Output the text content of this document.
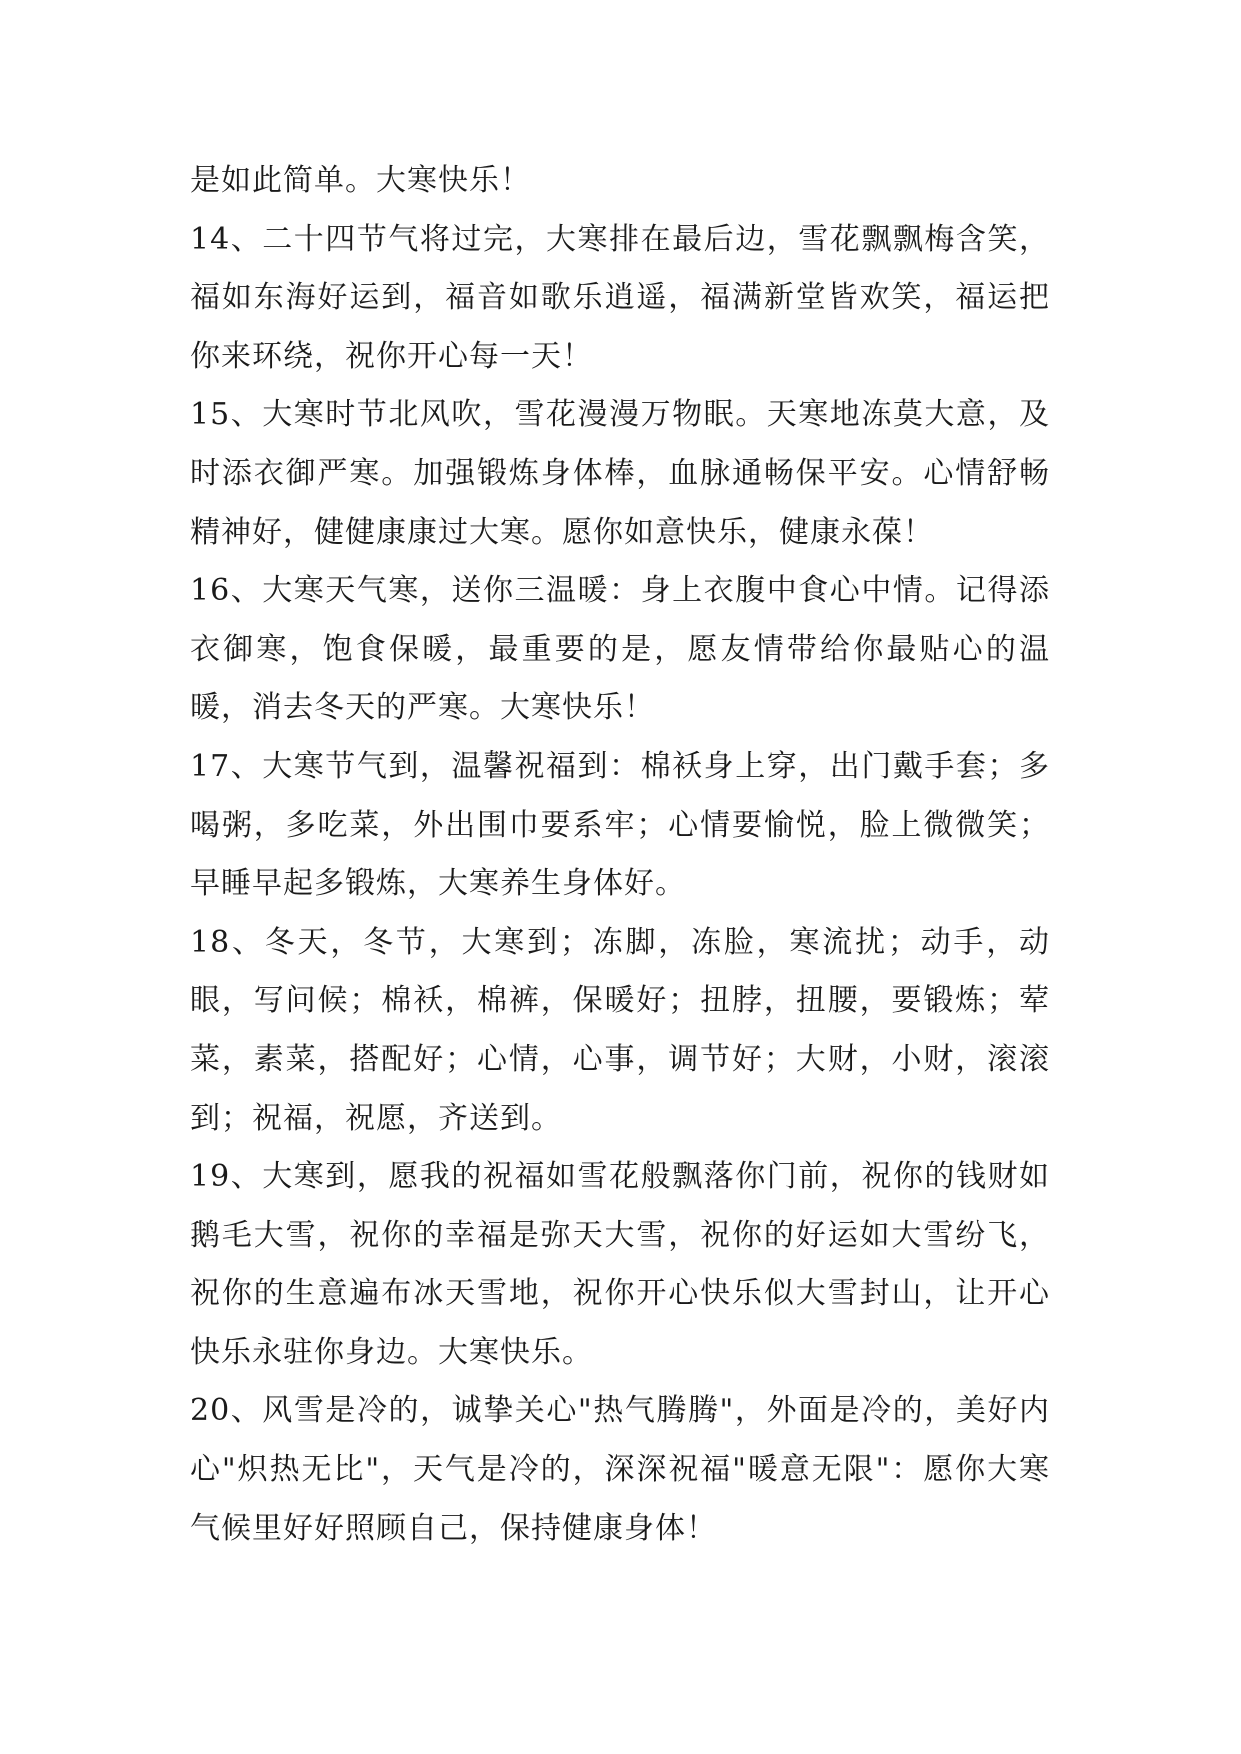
是如此简单。大寒快乐！

14、二十四节气将过完，大寒排在最后边，雪花飘飘梅含笑，福如东海好运到，福音如歌乐逍遥，福满新堂皆欢笑，福运把你来环绕，祝你开心每一天！

15、大寒时节北风吹，雪花漫漫万物眠。天寒地冻莫大意，及时添衣御严寒。加强锻炼身体棒，血脉通畅保平安。心情舒畅精神好，健健康康过大寒。愿你如意快乐，健康永葆！

16、大寒天气寒，送你三温暖：身上衣腹中食心中情。记得添衣御寒，饱食保暖，最重要的是，愿友情带给你最贴心的温暖，消去冬天的严寒。大寒快乐！

17、大寒节气到，温馨祝福到：棉袄身上穿，出门戴手套；多喝粥，多吃菜，外出围巾要系牢；心情要愉悦，脸上微微笑；早睡早起多锻炼，大寒养生身体好。

18、冬天，冬节，大寒到；冻脚，冻脸，寒流扰；动手，动眼，写问候；棉袄，棉裤，保暖好；扭脖，扭腰，要锻炼；荤菜，素菜，搭配好；心情，心事，调节好；大财，小财，滚滚到；祝福，祝愿，齐送到。

19、大寒到，愿我的祝福如雪花般飘落你门前，祝你的钱财如鹅毛大雪，祝你的幸福是弥天大雪，祝你的好运如大雪纷飞，祝你的生意遍布冰天雪地，祝你开心快乐似大雪封山，让开心快乐永驻你身边。大寒快乐。

20、风雪是冷的，诚挚关心"热气腾腾"，外面是冷的，美好内心"炽热无比"，天气是冷的，深深祝福"暖意无限"：愿你大寒气候里好好照顾自己，保持健康身体！
